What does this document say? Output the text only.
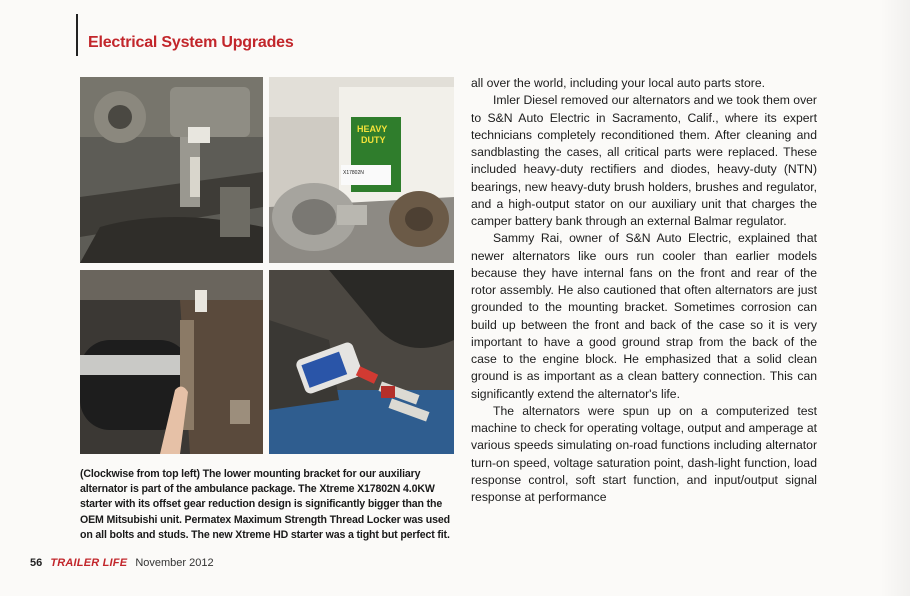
Electrical System Upgrades
HEAVY
DUTY
X17802N

(Clockwise from top left) The lower mounting bracket for our auxiliary alternator is part of the ambulance package. The Xtreme X17802N 4.0KW starter with its offset gear reduction design is significantly bigger than the OEM Mitsubishi unit. Permatex Maximum Strength Thread Locker was used on all bolts and studs. The new Xtreme HD starter was a tight but perfect fit.

all over the world, including your local auto parts store.

Imler Diesel removed our alternators and we took them over to S&N Auto Electric in Sacramento, Calif., where its expert technicians completely reconditioned them. After cleaning and sandblasting the cases, all critical parts were replaced. These included heavy-duty rectifiers and diodes, heavy-duty (NTN) bearings, new heavy-duty brush holders, brushes and regulator, and a high-output stator on our auxiliary unit that charges the camper battery bank through an external Balmar regulator.

Sammy Rai, owner of S&N Auto Electric, explained that newer alternators like ours run cooler than earlier models because they have internal fans on the front and rear of the rotor assembly. He also cautioned that often alternators are just grounded to the mounting bracket. Sometimes corrosion can build up between the front and back of the case so it is very important to have a good ground strap from the back of the case to the engine block. He emphasized that a solid clean ground is as important as a clean battery connection. This can significantly extend the alternator's life.

The alternators were spun up on a computerized test machine to check for operating voltage, output and amperage at various speeds simulating on-road functions including alternator turn-on speed, voltage saturation point, dash-light function, load response control, soft start function, and input/output signal response at performance

56 TRAILER LIFE November 2012
